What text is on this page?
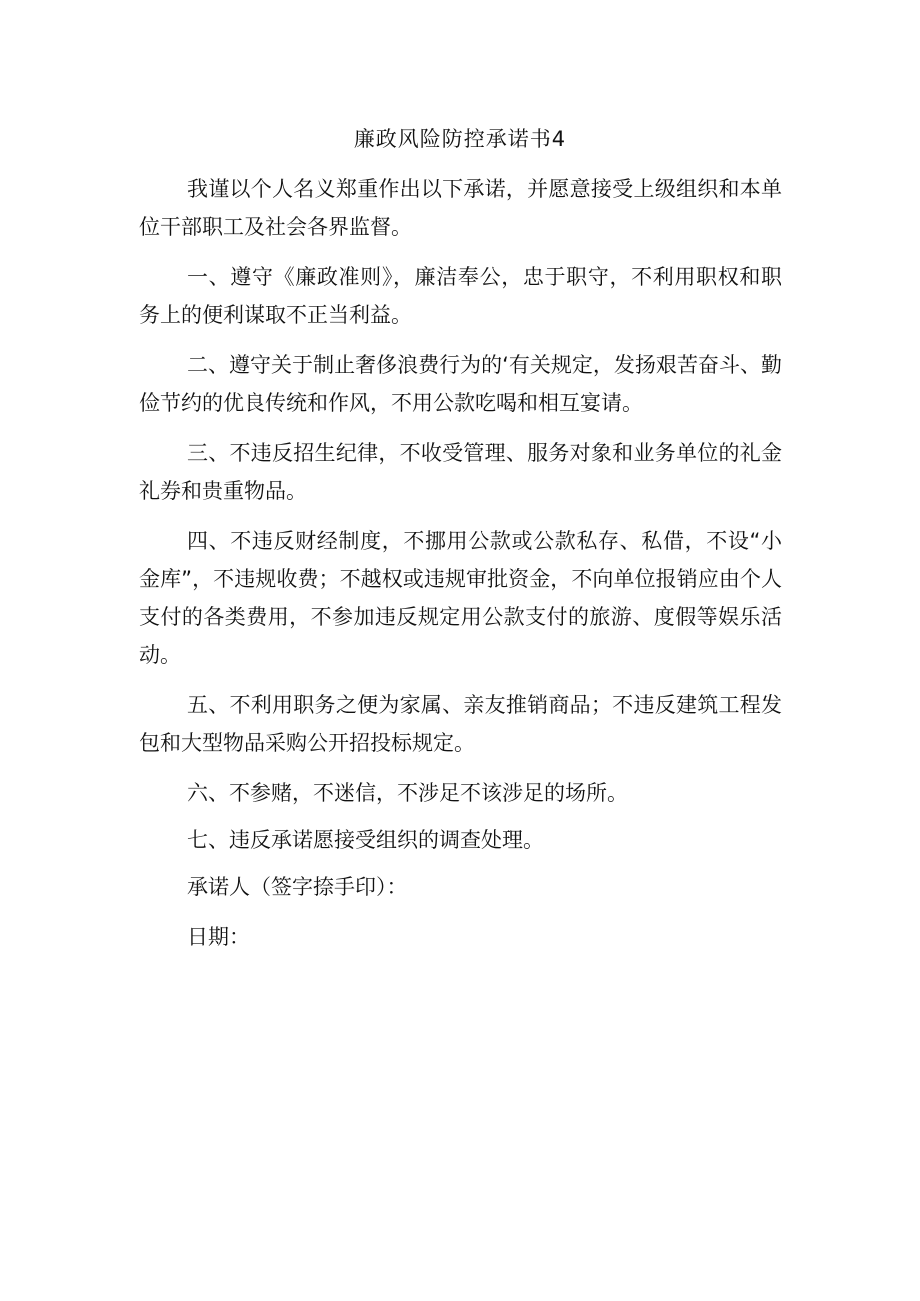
廉政风险防控承诺书4

我谨以个人名义郑重作出以下承诺，并愿意接受上级组织和本单位干部职工及社会各界监督。

一、遵守《廉政准则》，廉洁奉公，忠于职守，不利用职权和职务上的便利谋取不正当利益。

二、遵守关于制止奢侈浪费行为的‘有关规定，发扬艰苦奋斗、勤俭节约的优良传统和作风，不用公款吃喝和相互宴请。

三、不违反招生纪律，不收受管理、服务对象和业务单位的礼金礼券和贵重物品。

四、不违反财经制度，不挪用公款或公款私存、私借，不设“小金库”，不违规收费；不越权或违规审批资金，不向单位报销应由个人支付的各类费用，不参加违反规定用公款支付的旅游、度假等娱乐活动。

五、不利用职务之便为家属、亲友推销商品；不违反建筑工程发包和大型物品采购公开招投标规定。

六、不参赌，不迷信，不涉足不该涉足的场所。

七、违反承诺愿接受组织的调查处理。

承诺人（签字捺手印）：

日期：
